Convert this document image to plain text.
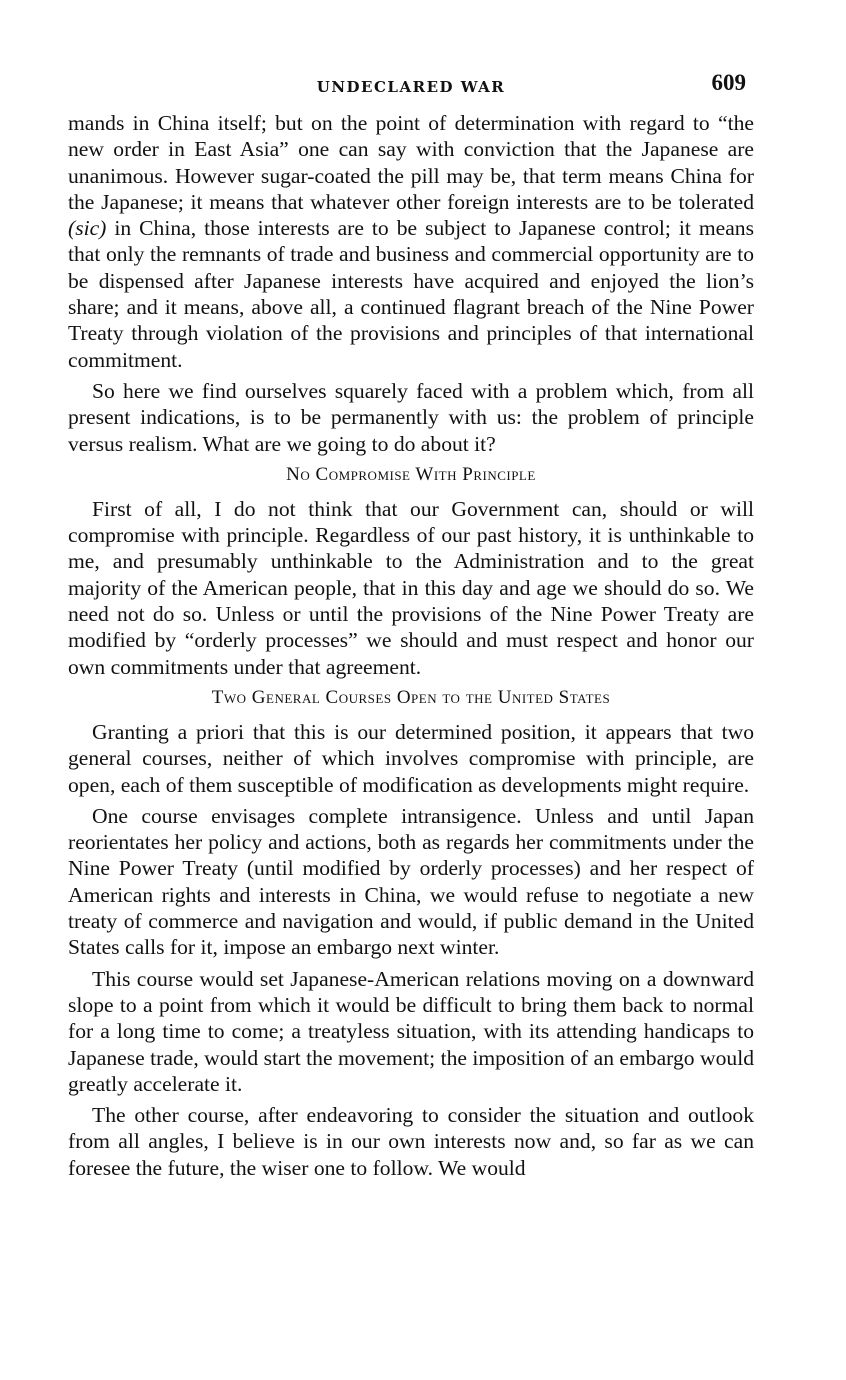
UNDECLARED WAR	609

mands in China itself; but on the point of determination with regard to “the new order in East Asia” one can say with conviction that the Japanese are unanimous. However sugar-coated the pill may be, that term means China for the Japanese; it means that whatever other foreign interests are to be tolerated (sic) in China, those interests are to be subject to Japanese control; it means that only the remnants of trade and business and commercial opportunity are to be dispensed after Japanese interests have acquired and enjoyed the lion’s share; and it means, above all, a continued flagrant breach of the Nine Power Treaty through violation of the provisions and principles of that international commitment.

So here we find ourselves squarely faced with a problem which, from all present indications, is to be permanently with us: the problem of principle versus realism. What are we going to do about it?

No Compromise With Principle

First of all, I do not think that our Government can, should or will compromise with principle. Regardless of our past history, it is unthinkable to me, and presumably unthinkable to the Administration and to the great majority of the American people, that in this day and age we should do so. We need not do so. Unless or until the provisions of the Nine Power Treaty are modified by “orderly processes” we should and must respect and honor our own commitments under that agreement.

Two General Courses Open to the United States

Granting a priori that this is our determined position, it appears that two general courses, neither of which involves compromise with principle, are open, each of them susceptible of modification as developments might require.

One course envisages complete intransigence. Unless and until Japan reorientates her policy and actions, both as regards her commitments under the Nine Power Treaty (until modified by orderly processes) and her respect of American rights and interests in China, we would refuse to negotiate a new treaty of commerce and navigation and would, if public demand in the United States calls for it, impose an embargo next winter.

This course would set Japanese-American relations moving on a downward slope to a point from which it would be difficult to bring them back to normal for a long time to come; a treatyless situation, with its attending handicaps to Japanese trade, would start the movement; the imposition of an embargo would greatly accelerate it.

The other course, after endeavoring to consider the situation and outlook from all angles, I believe is in our own interests now and, so far as we can foresee the future, the wiser one to follow. We would
